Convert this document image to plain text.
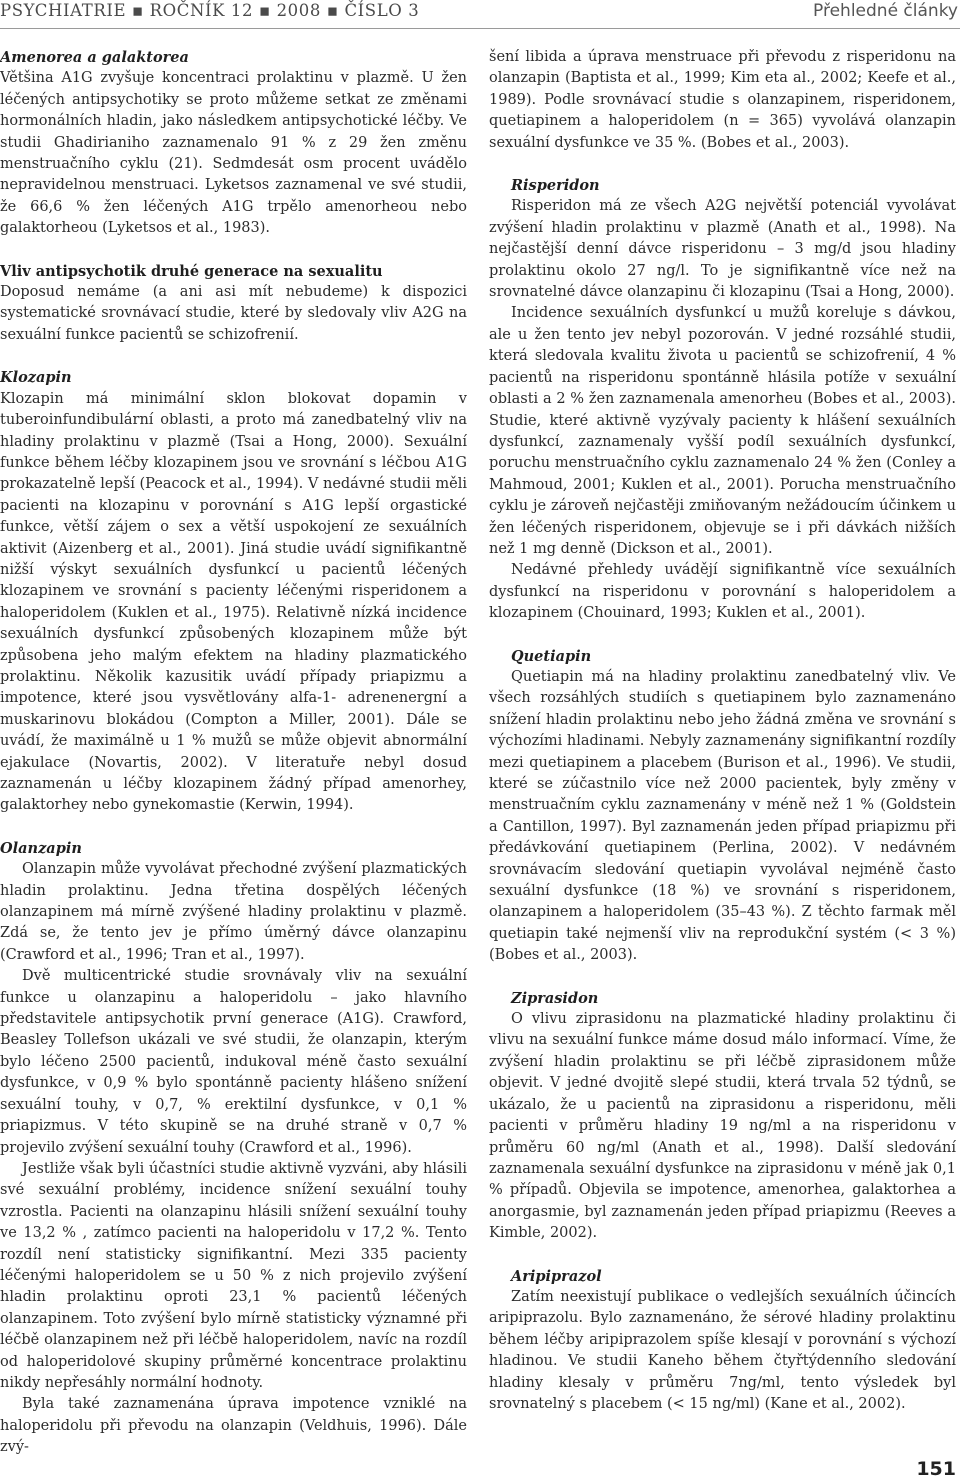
PSYCHIATRIE ▪ ROČNÍK 12 ▪ 2008 ▪ ČÍSLO 3	Přehledné články
Amenorea a galaktorea

Většina A1G zvyšuje koncentraci prolaktinu v plazmě. U žen léčených antipsychotiky se proto můžeme setkat ze změnami hormonálních hladin, jako následkem antipsychotické léčby. Ve studii Ghadirianiho zaznamenalo 91 % z 29 žen změnu menstruačního cyklu (21). Sedmdesát osm procent uvádělo nepravidelnou menstruaci. Lyketsos zaznamenal ve své studii, že 66,6 % žen léčených A1G trpělo amenorheou nebo galaktorheou (Lyketsos et al., 1983).

Vliv antipsychotik druhé generace na sexualitu

Doposud nemáme (a ani asi mít nebudeme) k dispozici systematické srovnávací studie, které by sledovaly vliv A2G na sexuální funkce pacientů se schizofrenií.

Klozapin

Klozapin má minimální sklon blokovat dopamin v tuberoinfundibulární oblasti, a proto má zanedbatelný vliv na hladiny prolaktinu v plazmě (Tsai a Hong, 2000). Sexuální funkce během léčby klozapinem jsou ve srovnání s léčbou A1G prokazatelně lepší (Peacock et al., 1994). V nedávné studii měli pacienti na klozapinu v porovnání s A1G lepší orgastické funkce, větší zájem o sex a větší uspokojení ze sexuálních aktivit (Aizenberg et al., 2001). Jiná studie uvádí signifikantně nižší výskyt sexuálních dysfunkcí u pacientů léčených klozapinem ve srovnání s pacienty léčenými risperidonem a haloperidolem (Kuklen et al., 1975). Relativně nízká incidence sexuálních dysfunkcí způsobených klozapinem může být způsobena jeho malým efektem na hladiny plazmatického prolaktinu. Několik kazusitik uvádí případy priapizmu a impotence, které jsou vysvětlovány alfa-1- adrenenergní a muskarinovu blokádou (Compton a Miller, 2001). Dále se uvádí, že maximálně u 1 % mužů se může objevit abnormální ejakulace (Novartis, 2002). V literatuře nebyl dosud zaznamenán u léčby klozapinem žádný případ amenorhey, galaktorhey nebo gynekomastie (Kerwin, 1994).

Olanzapin

Olanzapin může vyvolávat přechodné zvýšení plazmatických hladin prolaktinu. Jedna třetina dospělých léčených olanzapinem má mírně zvýšené hladiny prolaktinu v plazmě. Zdá se, že tento jev je přímo úměrný dávce olanzapinu (Crawford et al., 1996; Tran et al., 1997).

Dvě multicentrické studie srovnávaly vliv na sexuální funkce u olanzapinu a haloperidolu – jako hlavního představitele antipsychotik první generace (A1G). Crawford, Beasley Tollefson ukázali ve své studii, že olanzapin, kterým bylo léčeno 2500 pacientů, indukoval méně často sexuální dysfunkce, v 0,9 % bylo spontánně pacienty hlášeno snížení sexuální touhy, v 0,7, % erektilní dysfunkce, v 0,1 % priapizmus. V této skupině se na druhé straně v 0,7 % projevilo zvýšení sexuální touhy (Crawford et al., 1996).

Jestliže však byli účastníci studie aktivně vyzváni, aby hlásili své sexuální problémy, incidence snížení sexuální touhy vzrostla. Pacienti na olanzapinu hlásili snížení sexuální touhy ve 13,2 % , zatímco pacienti na haloperidolu v 17,2 %. Tento rozdíl není statisticky signifikantní. Mezi 335 pacienty léčenými haloperidolem se u 50 % z nich projevilo zvýšení hladin prolaktinu oproti 23,1 % pacientů léčených olanzapinem. Toto zvýšení bylo mírně statisticky významné při léčbě olanzapinem než při léčbě haloperidolem, navíc na rozdíl od haloperidolové skupiny průměrné koncentrace prolaktinu nikdy nepřesáhly normální hodnoty.

Byla také zaznamenána úprava impotence vzniklé na haloperidolu při převodu na olanzapin (Veldhuis, 1996). Dále zvý-

šení libida a úprava menstruace při převodu z risperidonu na olanzapin (Baptista et al., 1999; Kim eta al., 2002; Keefe et al., 1989). Podle srovnávací studie s olanzapinem, risperidonem, quetiapinem a haloperidolem (n = 365) vyvolává olanzapin sexuální dysfunkce ve 35 %. (Bobes et al., 2003).

Risperidon

Risperidon má ze všech A2G největší potenciál vyvolávat zvýšení hladin prolaktinu v plazmě (Anath et al., 1998). Na nejčastější denní dávce risperidonu – 3 mg/d jsou hladiny prolaktinu okolo 27 ng/l. To je signifikantně více než na srovnatelné dávce olanzapinu či klozapinu (Tsai a Hong, 2000).

Incidence sexuálních dysfunkcí u mužů koreluje s dávkou, ale u žen tento jev nebyl pozorován. V jedné rozsáhlé studii, která sledovala kvalitu života u pacientů se schizofrenií, 4 % pacientů na risperidonu spontánně hlásila potíže v sexuální oblasti a 2 % žen zaznamenala amenorheu (Bobes et al., 2003). Studie, které aktivně vyzývaly pacienty k hlášení sexuálních dysfunkcí, zaznamenaly vyšší podíl sexuálních dysfunkcí, poruchu menstruačního cyklu zaznamenalo 24 % žen (Conley a Mahmoud, 2001; Kuklen et al., 2001). Porucha menstruačního cyklu je zároveň nejčastěji zmiňovaným nežádoucím účinkem u žen léčených risperidonem, objevuje se i při dávkách nižších než 1 mg denně (Dickson et al., 2001).

Nedávné přehledy uvádějí signifikantně více sexuálních dysfunkcí na risperidonu v porovnání s haloperidolem a klozapinem (Chouinard, 1993; Kuklen et al., 2001).

Quetiapin

Quetiapin má na hladiny prolaktinu zanedbatelný vliv. Ve všech rozsáhlých studiích s quetiapinem bylo zaznamenáno snížení hladin prolaktinu nebo jeho žádná změna ve srovnání s výchozími hladinami. Nebyly zaznamenány signifikantní rozdíly mezi quetiapinem a placebem (Burison et al., 1996). Ve studii, které se zúčastnilo více než 2000 pacientek, byly změny v menstruačním cyklu zaznamenány v méně než 1 % (Goldstein a Cantillon, 1997). Byl zaznamenán jeden případ priapizmu při předávkování quetiapinem (Perlina, 2002). V nedávném srovnávacím sledování quetiapin vyvolával nejméně často sexuální dysfunkce (18 %) ve srovnání s risperidonem, olanzapinem a haloperidolem (35–43 %). Z těchto farmak měl quetiapin také nejmenší vliv na reprodukční systém (< 3 %) (Bobes et al., 2003).

Ziprasidon

O vlivu ziprasidonu na plazmatické hladiny prolaktinu či vlivu na sexuální funkce máme dosud málo informací. Víme, že zvýšení hladin prolaktinu se při léčbě ziprasidonem může objevit. V jedné dvojitě slepé studii, která trvala 52 týdnů, se ukázalo, že u pacientů na ziprasidonu a risperidonu, měli pacienti v průměru hladiny 19 ng/ml a na risperidonu v průměru 60 ng/ml (Anath et al., 1998). Další sledování zaznamenala sexuální dysfunkce na ziprasidonu v méně jak 0,1 % případů. Objevila se impotence, amenorhea, galaktorhea a anorgasmie, byl zaznamenán jeden případ priapizmu (Reeves a Kimble, 2002).

Aripiprazol

Zatím neexistují publikace o vedlejších sexuálních účincích aripiprazolu. Bylo zaznamenáno, že sérové hladiny prolaktinu během léčby aripiprazolem spíše klesají v porovnání s výchozí hladinou. Ve studii Kaneho během čtyřtýdenního sledování hladiny klesaly v průměru 7ng/ml, tento výsledek byl srovnatelný s placebem (< 15 ng/ml) (Kane et al., 2002).

151
